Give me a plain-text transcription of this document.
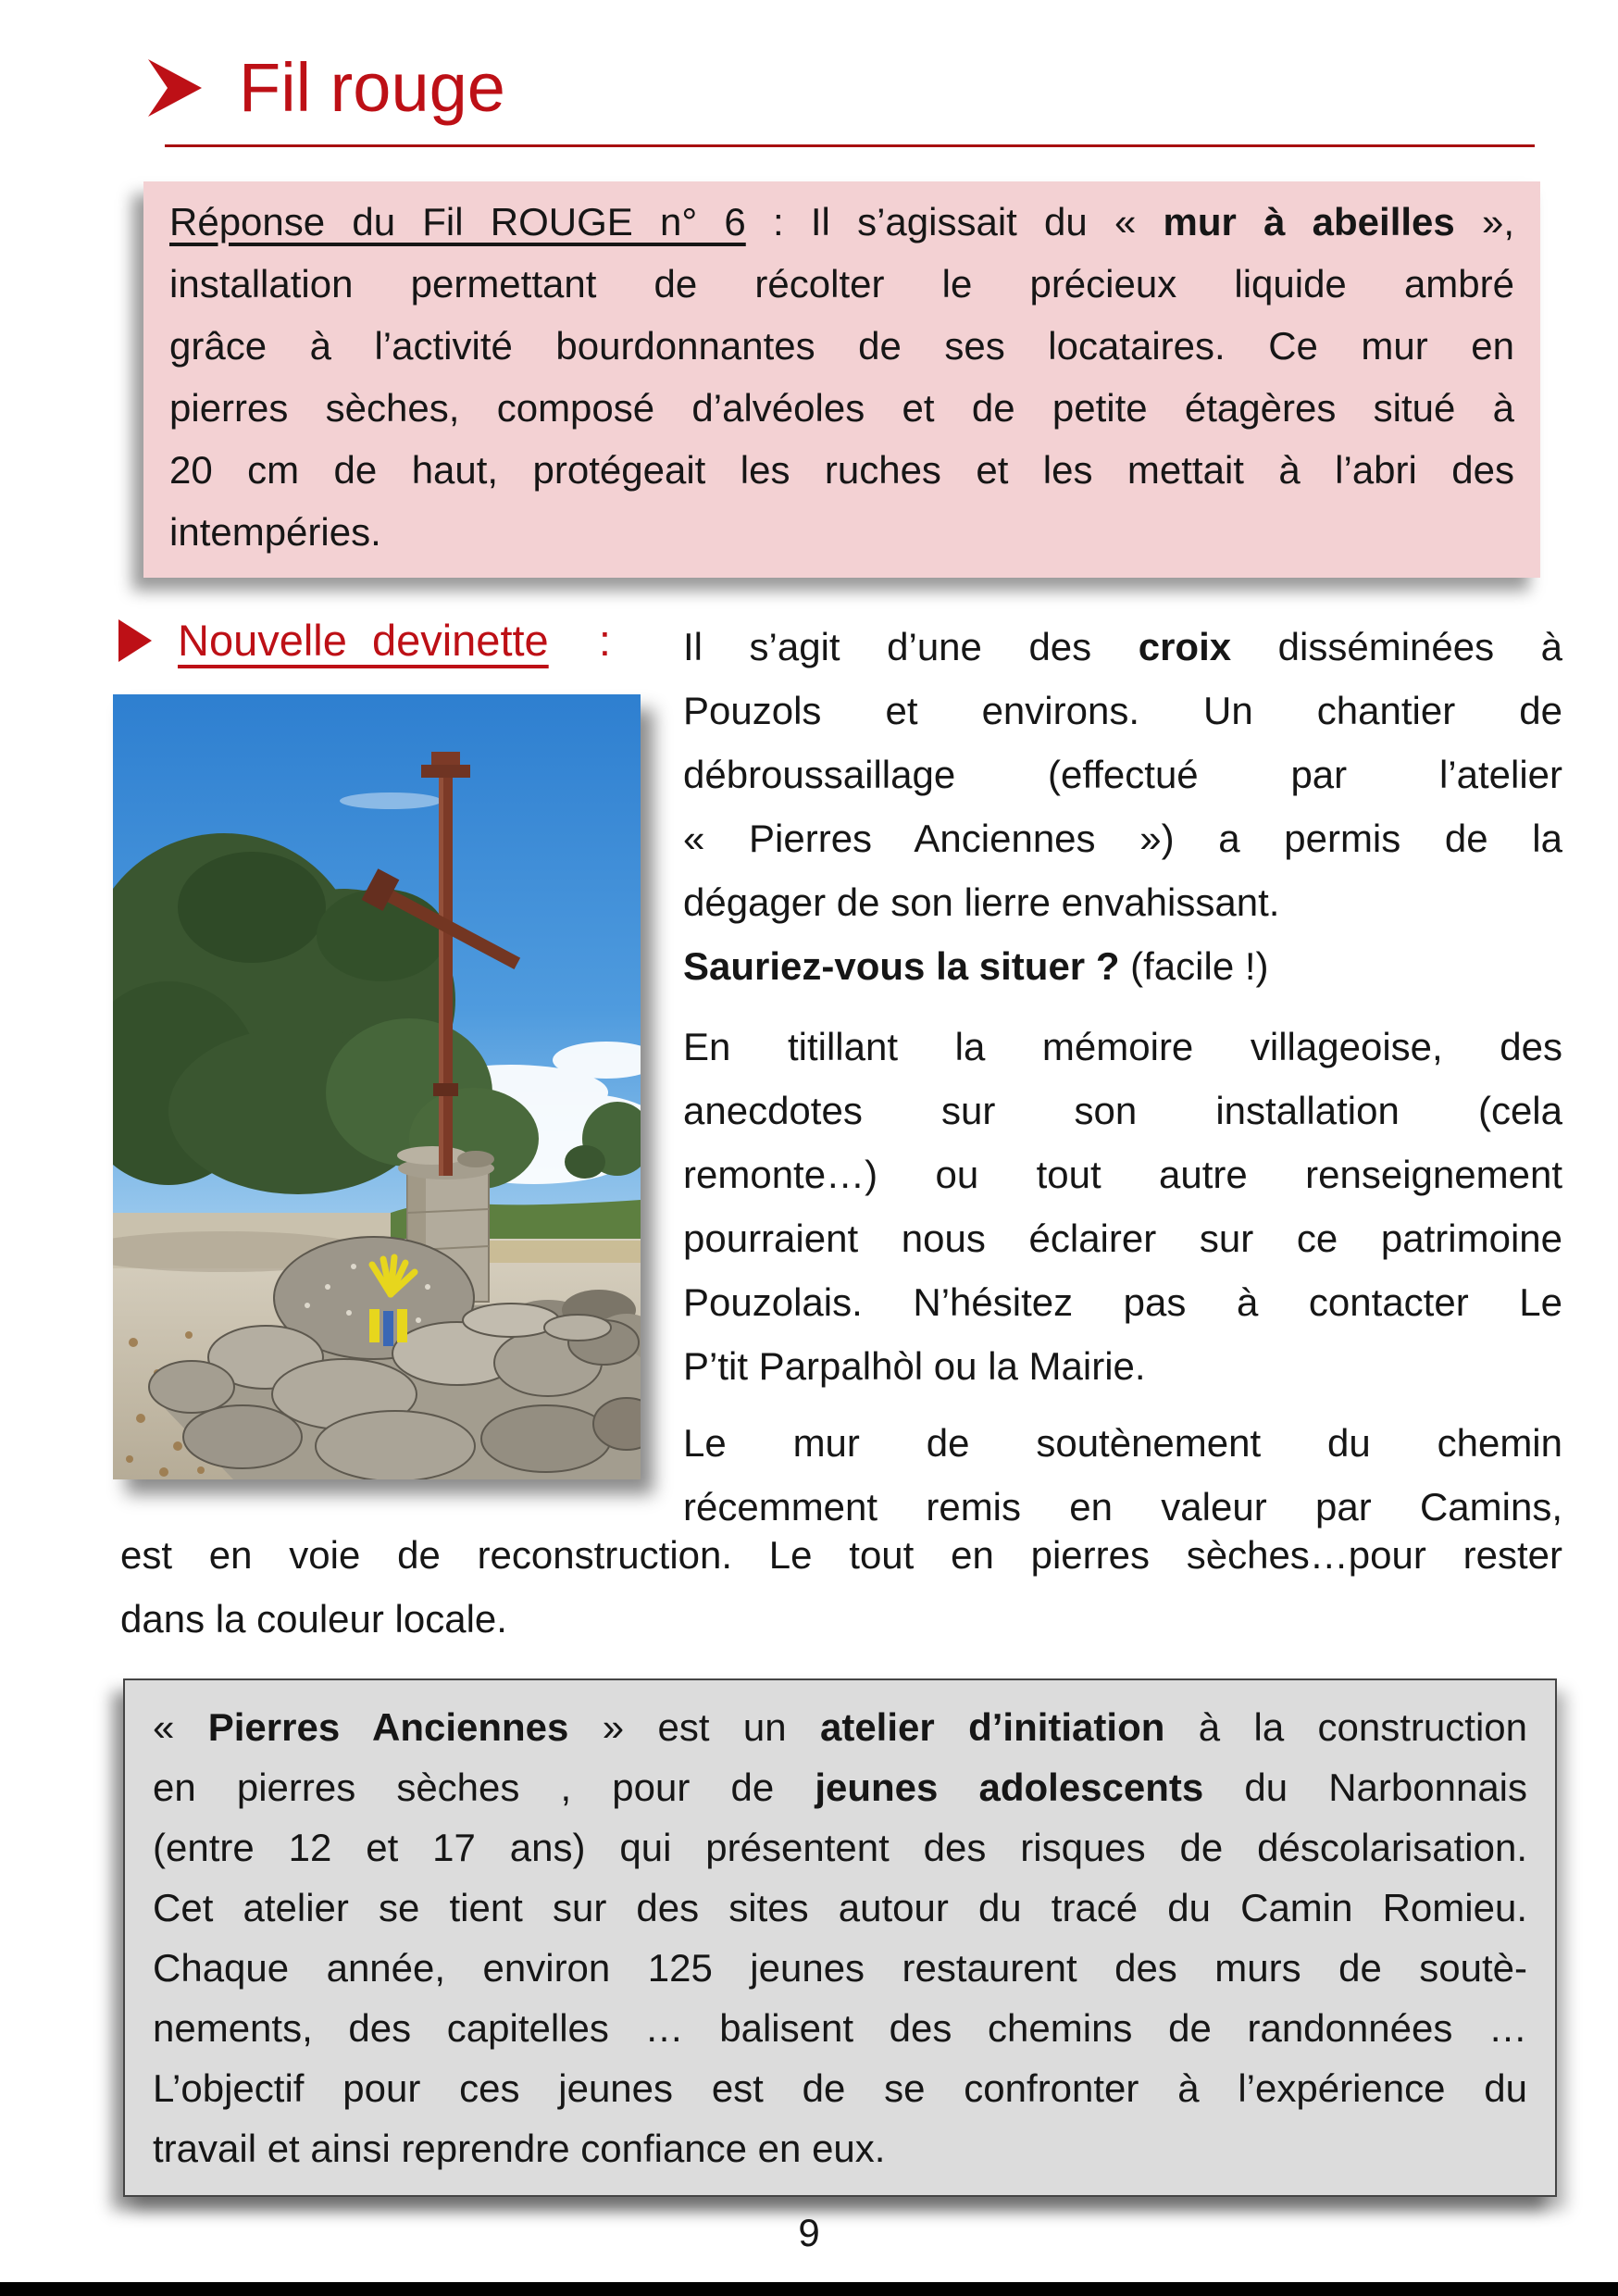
Fil rouge
Réponse du Fil ROUGE n° 6 : Il s’agissait du « mur à abeilles »,
installation permettant de récolter le précieux liquide ambré
grâce à l’activité bourdonnantes de ses locataires. Ce mur en
pierres sèches, composé d’alvéoles et de petite étagères situé à
20 cm de haut, protégeait les ruches et les mettait à l’abri des
intempéries.
Nouvelle devinette : Il s’agit d’une des croix disséminées à
Pouzols et environs. Un chantier de
débroussaillage (effectué par l’atelier
« Pierres Anciennes ») a permis de la
dégager de son lierre envahissant.
Sauriez-vous la situer ? (facile !)
En titillant la mémoire villageoise, des
anecdotes sur son installation (cela
remonte…) ou tout autre renseignement
pourraient nous éclairer sur ce patrimoine
Pouzolais. N’hésitez pas à contacter Le
P’tit Parpalhòl ou la Mairie.
Le mur de soutènement du chemin
récemment remis en valeur par Camins,
est en voie de reconstruction. Le tout en pierres sèches…pour rester
dans la couleur locale.
« Pierres Anciennes » est un atelier d’initiation à la construction
en pierres sèches , pour de jeunes adolescents du Narbonnais
(entre 12 et 17 ans) qui présentent des risques de déscolarisation.
Cet atelier se tient sur des sites autour du tracé du Camin Romieu.
Chaque année, environ 125 jeunes restaurent des murs de soutè-
nements, des capitelles … balisent des chemins de randonnées …
L’objectif pour ces jeunes est de se confronter à l’expérience du
travail et ainsi reprendre confiance en eux.
9
